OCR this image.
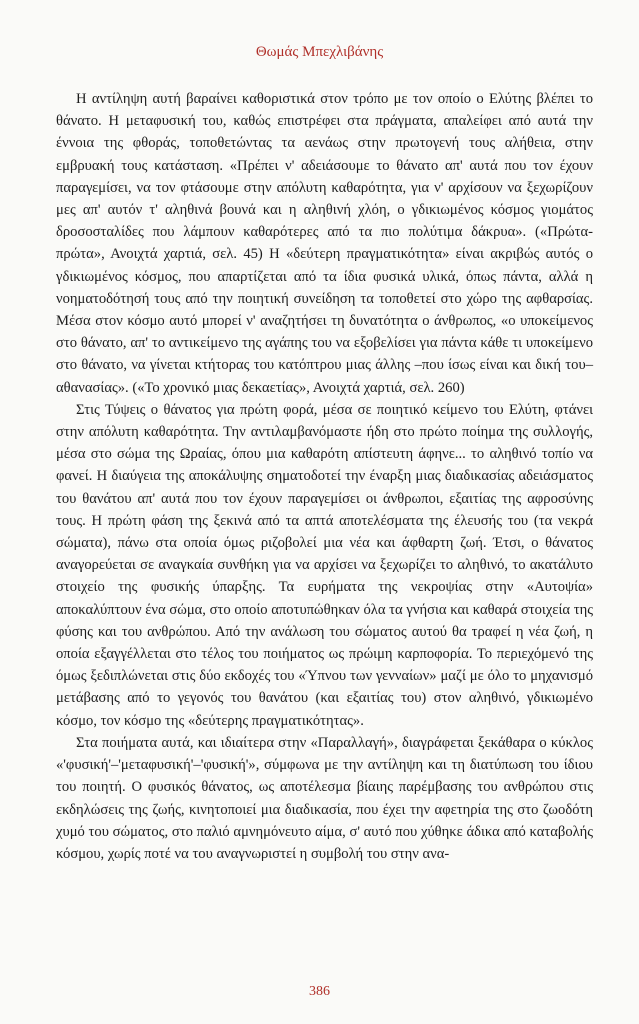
Θωμάς Μπεχλιβάνης

Η αντίληψη αυτή βαραίνει καθοριστικά στον τρόπο με τον οποίο ο Ελύτης βλέπει το θάνατο. Η μεταφυσική του, καθώς επιστρέφει στα πράγματα, απαλείφει από αυτά την έννοια της φθοράς, τοποθετώντας τα αενάως στην πρωτογενή τους αλήθεια, στην εμβρυακή τους κατάσταση. «Πρέπει ν' αδειάσουμε το θάνατο απ' αυτά που τον έχουν παραγεμίσει, να τον φτάσουμε στην απόλυτη καθαρότητα, για ν' αρχίσουν να ξεχωρίζουν μες απ' αυτόν τ' αληθινά βουνά και η αληθινή χλόη, ο γδικιωμένος κόσμος γιομάτος δροσοσταλίδες που λάμπουν καθαρότερες από τα πιο πολύτιμα δάκρυα». («Πρώτα-πρώτα», Ανοιχτά χαρτιά, σελ. 45) Η «δεύτερη πραγματικότητα» είναι ακριβώς αυτός ο γδικιωμένος κόσμος, που απαρτίζεται από τα ίδια φυσικά υλικά, όπως πάντα, αλλά η νοηματοδότησή τους από την ποιητική συνείδηση τα τοποθετεί στο χώρο της αφθαρσίας. Μέσα στον κόσμο αυτό μπορεί ν' αναζητήσει τη δυνατότητα ο άνθρωπος, «ο υποκείμενος στο θάνατο, απ' το αντικείμενο της αγάπης του να εξοβελίσει για πάντα κάθε τι υποκείμενο στο θάνατο, να γίνεται κτήτορας του κατόπτρου μιας άλλης –που ίσως είναι και δική του– αθανασίας». («Το χρονικό μιας δεκαετίας», Ανοιχτά χαρτιά, σελ. 260)

Στις Τύψεις ο θάνατος για πρώτη φορά, μέσα σε ποιητικό κείμενο του Ελύτη, φτάνει στην απόλυτη καθαρότητα. Την αντιλαμβανόμαστε ήδη στο πρώτο ποίημα της συλλογής, μέσα στο σώμα της Ωραίας, όπου μια καθαρότη απίστευτη άφηνε... το αληθινό τοπίο να φανεί. Η διαύγεια της αποκάλυψης σηματοδοτεί την έναρξη μιας διαδικασίας αδειάσματος του θανάτου απ' αυτά που τον έχουν παραγεμίσει οι άνθρωποι, εξαιτίας της αφροσύνης τους. Η πρώτη φάση της ξεκινά από τα απτά αποτελέσματα της έλευσής του (τα νεκρά σώματα), πάνω στα οποία όμως ριζοβολεί μια νέα και άφθαρτη ζωή. Έτσι, ο θάνατος αναγορεύεται σε αναγκαία συνθήκη για να αρχίσει να ξεχωρίζει το αληθινό, το ακατάλυτο στοιχείο της φυσικής ύπαρξης. Τα ευρήματα της νεκροψίας στην «Αυτοψία» αποκαλύπτουν ένα σώμα, στο οποίο αποτυπώθηκαν όλα τα γνήσια και καθαρά στοιχεία της φύσης και του ανθρώπου. Από την ανάλωση του σώματος αυτού θα τραφεί η νέα ζωή, η οποία εξαγγέλλεται στο τέλος του ποιήματος ως πρώιμη καρποφορία. Το περιεχόμενό της όμως ξεδιπλώνεται στις δύο εκδοχές του «Ύπνου των γενναίων» μαζί με όλο το μηχανισμό μετάβασης από το γεγονός του θανάτου (και εξαιτίας του) στον αληθινό, γδικιωμένο κόσμο, τον κόσμο της «δεύτερης πραγματικότητας».

Στα ποιήματα αυτά, και ιδιαίτερα στην «Παραλλαγή», διαγράφεται ξεκάθαρα ο κύκλος «'φυσική'–'μεταφυσική'–'φυσική'», σύμφωνα με την αντίληψη και τη διατύπωση του ίδιου του ποιητή. Ο φυσικός θάνατος, ως αποτέλεσμα βίαιης παρέμβασης του ανθρώπου στις εκδηλώσεις της ζωής, κινητοποιεί μια διαδικασία, που έχει την αφετηρία της στο ζωοδότη χυμό του σώματος, στο παλιό αμνημόνευτο αίμα, σ' αυτό που χύθηκε άδικα από καταβολής κόσμου, χωρίς ποτέ να του αναγνωριστεί η συμβολή του στην ανα-

386
